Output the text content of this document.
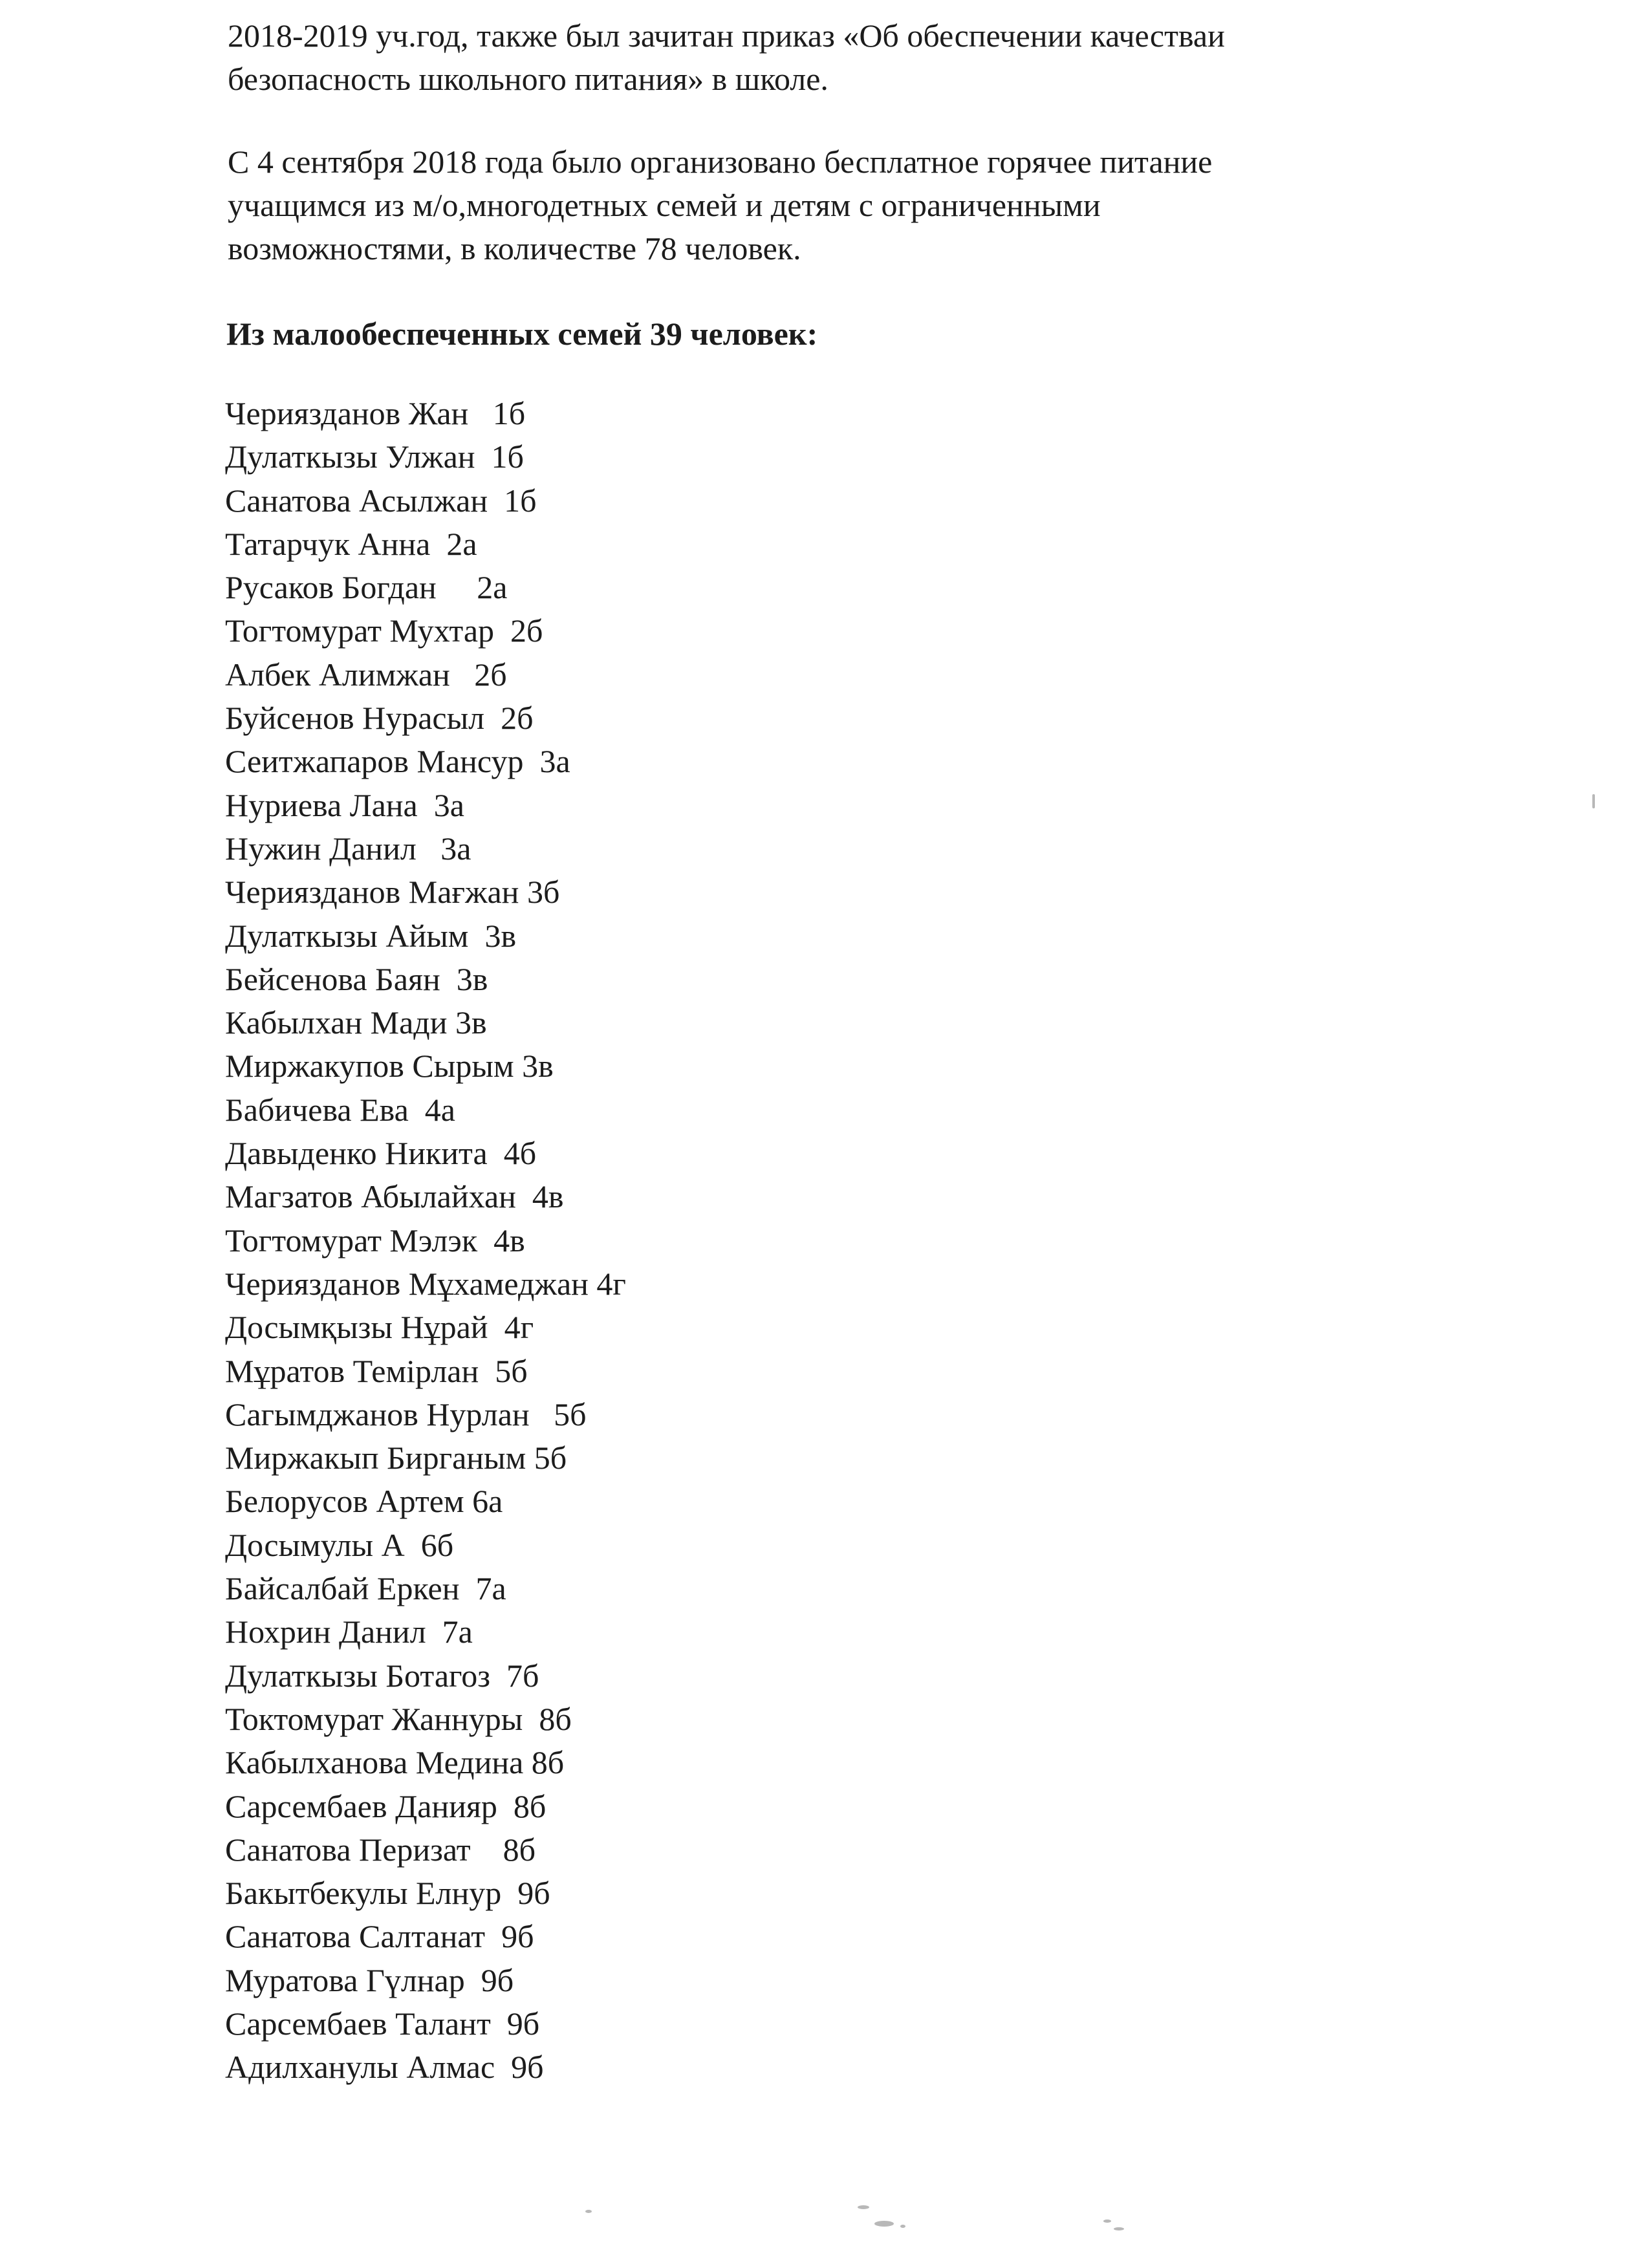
2018-2019 уч.год, также был зачитан приказ «Об обеспечении качестваи
безопасность школьного питания» в школе.

С 4 сентября 2018 года было организовано бесплатное горячее питание
учащимся из м/о,многодетных семей и детям с ограниченными
возможностями, в количестве 78 человек.

Из малообеспеченных семей 39 человек:

Чериязданов Жан   1б
Дулаткызы Улжан  1б
Санатова Асылжан  1б
Татарчук Анна  2а
Русаков Богдан     2а
Тогтомурат Мухтар  2б
Албек Алимжан   2б
Буйсенов Нурасыл  2б
Сеитжапаров Мансур  3а
Нуриева Лана  3а
Нужин Данил   3а
Чериязданов Мағжан 3б
Дулаткызы Айым  3в
Бейсенова Баян  3в
Кабылхан Мади 3в
Миржакупов Сырым 3в
Бабичева Ева  4а
Давыденко Никита  4б
Магзатов Абылайхан  4в
Тогтомурат Мэлэк  4в
Чериязданов Мұхамеджан 4г
Досымқызы Нұрай  4г
Мұратов Темірлан  5б
Сагымджанов Нурлан   5б
Миржакып Бирганым 5б
Белорусов Артем 6а
Досымулы А  6б
Байсалбай Еркен  7а
Нохрин Данил  7а
Дулаткызы Ботагоз  7б
Токтомурат Жаннуры  8б
Кабылханова Медина 8б
Сарсембаев Данияр  8б
Санатова Перизат    8б
Бакытбекулы Елнур  9б
Санатова Салтанат  9б
Муратова Гүлнар  9б
Сарсембаев Талант  9б
Адилханулы Алмас  9б
